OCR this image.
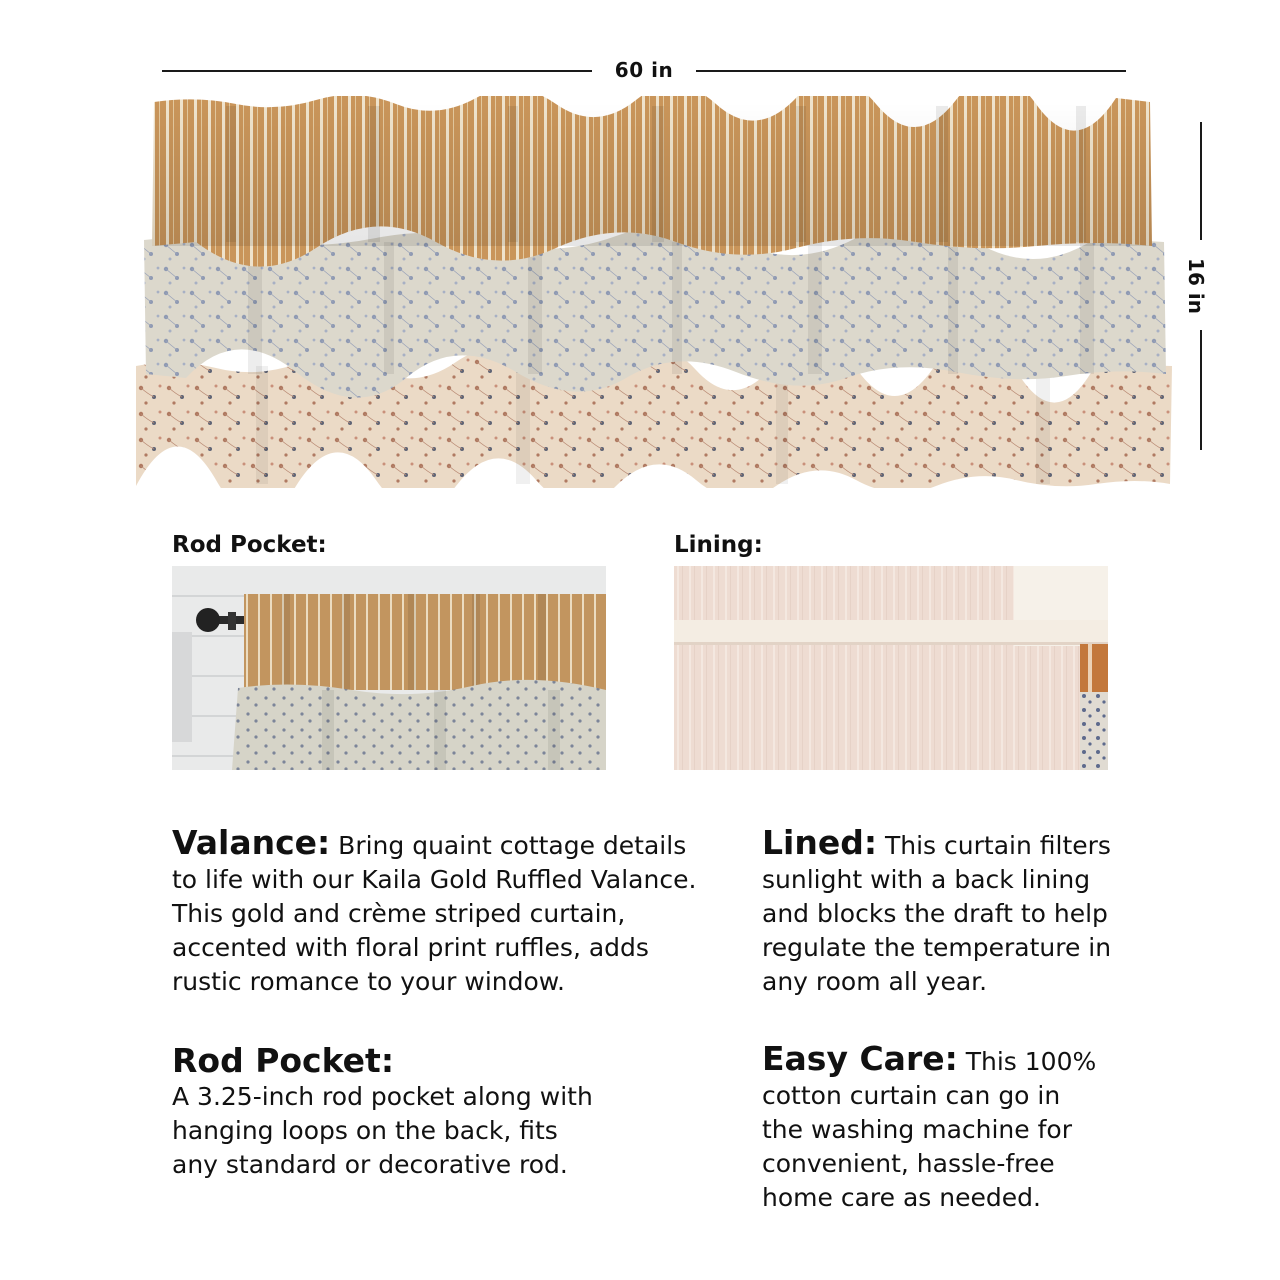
60 in
16 in
Rod Pocket:	Lining:
Valance: Bring quaint cottage details
to life with our Kaila Gold Ruffled Valance.
This gold and crème striped curtain,
accented with floral print ruffles, adds
rustic romance to your window.
Lined: This curtain filters
sunlight with a back lining
and blocks the draft to help
regulate the temperature in
any room all year.
Rod Pocket:
A 3.25-inch rod pocket along with
hanging loops on the back, fits
any standard or decorative rod.
Easy Care: This 100%
cotton curtain can go in
the washing machine for
convenient, hassle-free
home care as needed.
